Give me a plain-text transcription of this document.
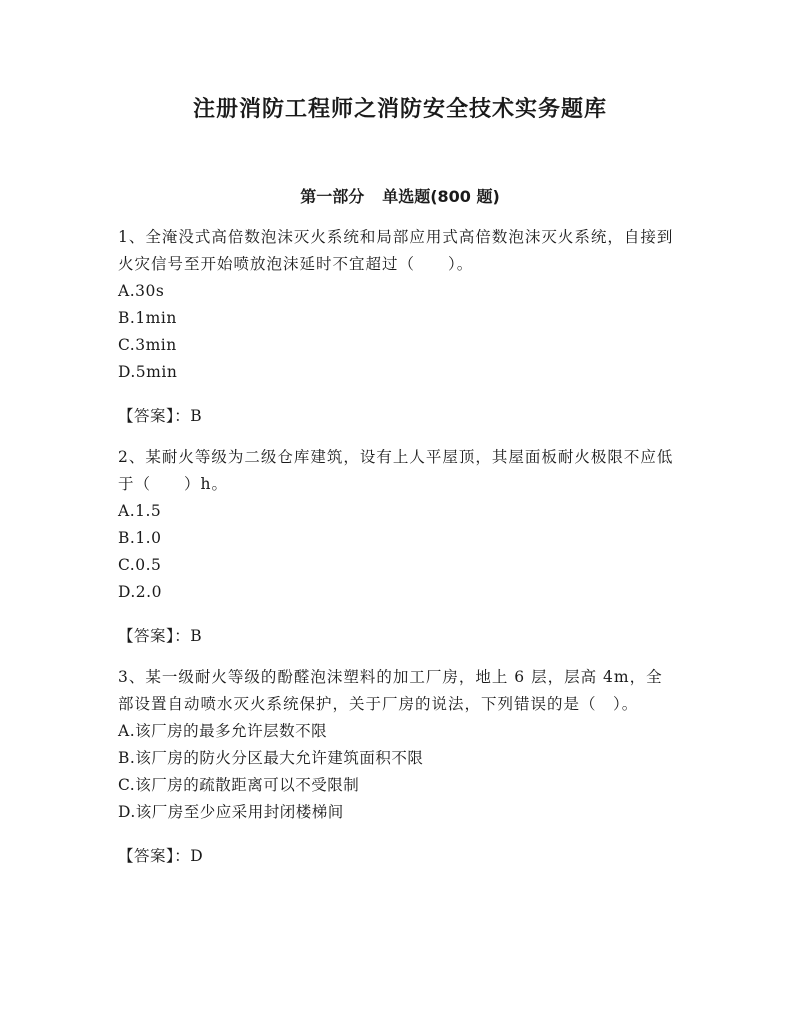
注册消防工程师之消防安全技术实务题库
第一部分 单选题(800 题)

1、全淹没式高倍数泡沫灭火系统和局部应用式高倍数泡沫灭火系统，自接到火灾信号至开始喷放泡沫延时不宜超过（　　）。

A.30s

B.1min

C.3min

D.5min

【答案】：B

2、某耐火等级为二级仓库建筑，设有上人平屋顶，其屋面板耐火极限不应低于（　　）h。

A.1.5

B.1.0

C.0.5

D.2.0

【答案】：B

3、某一级耐火等级的酚醛泡沫塑料的加工厂房，地上 6 层，层高 4m，全部设置自动喷水灭火系统保护，关于厂房的说法，下列错误的是（　）。

A.该厂房的最多允许层数不限

B.该厂房的防火分区最大允许建筑面积不限

C.该厂房的疏散距离可以不受限制

D.该厂房至少应采用封闭楼梯间

【答案】：D
